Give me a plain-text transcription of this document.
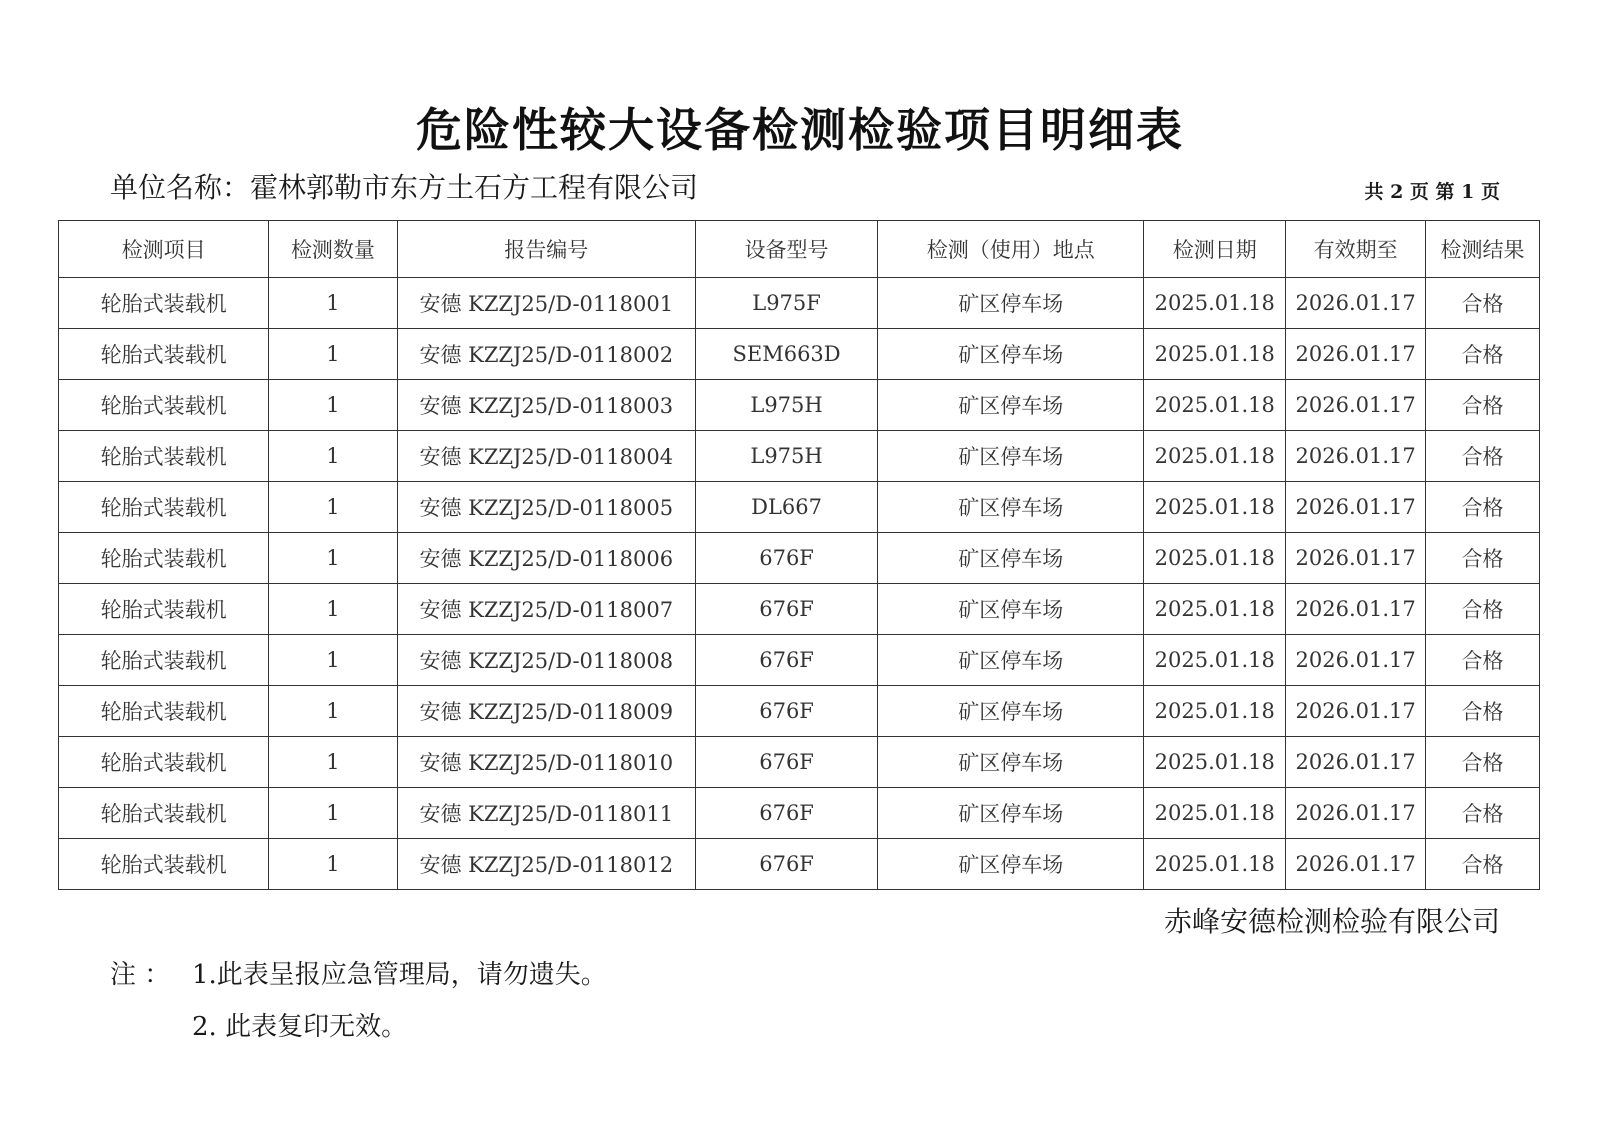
危险性较大设备检测检验项目明细表
单位名称：霍林郭勒市东方土石方工程有限公司	共 2 页 第 1 页
检测项目	检测数量	报告编号	设备型号	检测（使用）地点	检测日期	有效期至	检测结果
轮胎式装载机	1	安德 KZZJ25/D-0118001	L975F	矿区停车场	2025.01.18	2026.01.17	合格
轮胎式装载机	1	安德 KZZJ25/D-0118002	SEM663D	矿区停车场	2025.01.18	2026.01.17	合格
轮胎式装载机	1	安德 KZZJ25/D-0118003	L975H	矿区停车场	2025.01.18	2026.01.17	合格
轮胎式装载机	1	安德 KZZJ25/D-0118004	L975H	矿区停车场	2025.01.18	2026.01.17	合格
轮胎式装载机	1	安德 KZZJ25/D-0118005	DL667	矿区停车场	2025.01.18	2026.01.17	合格
轮胎式装载机	1	安德 KZZJ25/D-0118006	676F	矿区停车场	2025.01.18	2026.01.17	合格
轮胎式装载机	1	安德 KZZJ25/D-0118007	676F	矿区停车场	2025.01.18	2026.01.17	合格
轮胎式装载机	1	安德 KZZJ25/D-0118008	676F	矿区停车场	2025.01.18	2026.01.17	合格
轮胎式装载机	1	安德 KZZJ25/D-0118009	676F	矿区停车场	2025.01.18	2026.01.17	合格
轮胎式装载机	1	安德 KZZJ25/D-0118010	676F	矿区停车场	2025.01.18	2026.01.17	合格
轮胎式装载机	1	安德 KZZJ25/D-0118011	676F	矿区停车场	2025.01.18	2026.01.17	合格
轮胎式装载机	1	安德 KZZJ25/D-0118012	676F	矿区停车场	2025.01.18	2026.01.17	合格
赤峰安德检测检验有限公司
注 ： 1.此表呈报应急管理局，请勿遗失。
2. 此表复印无效。
